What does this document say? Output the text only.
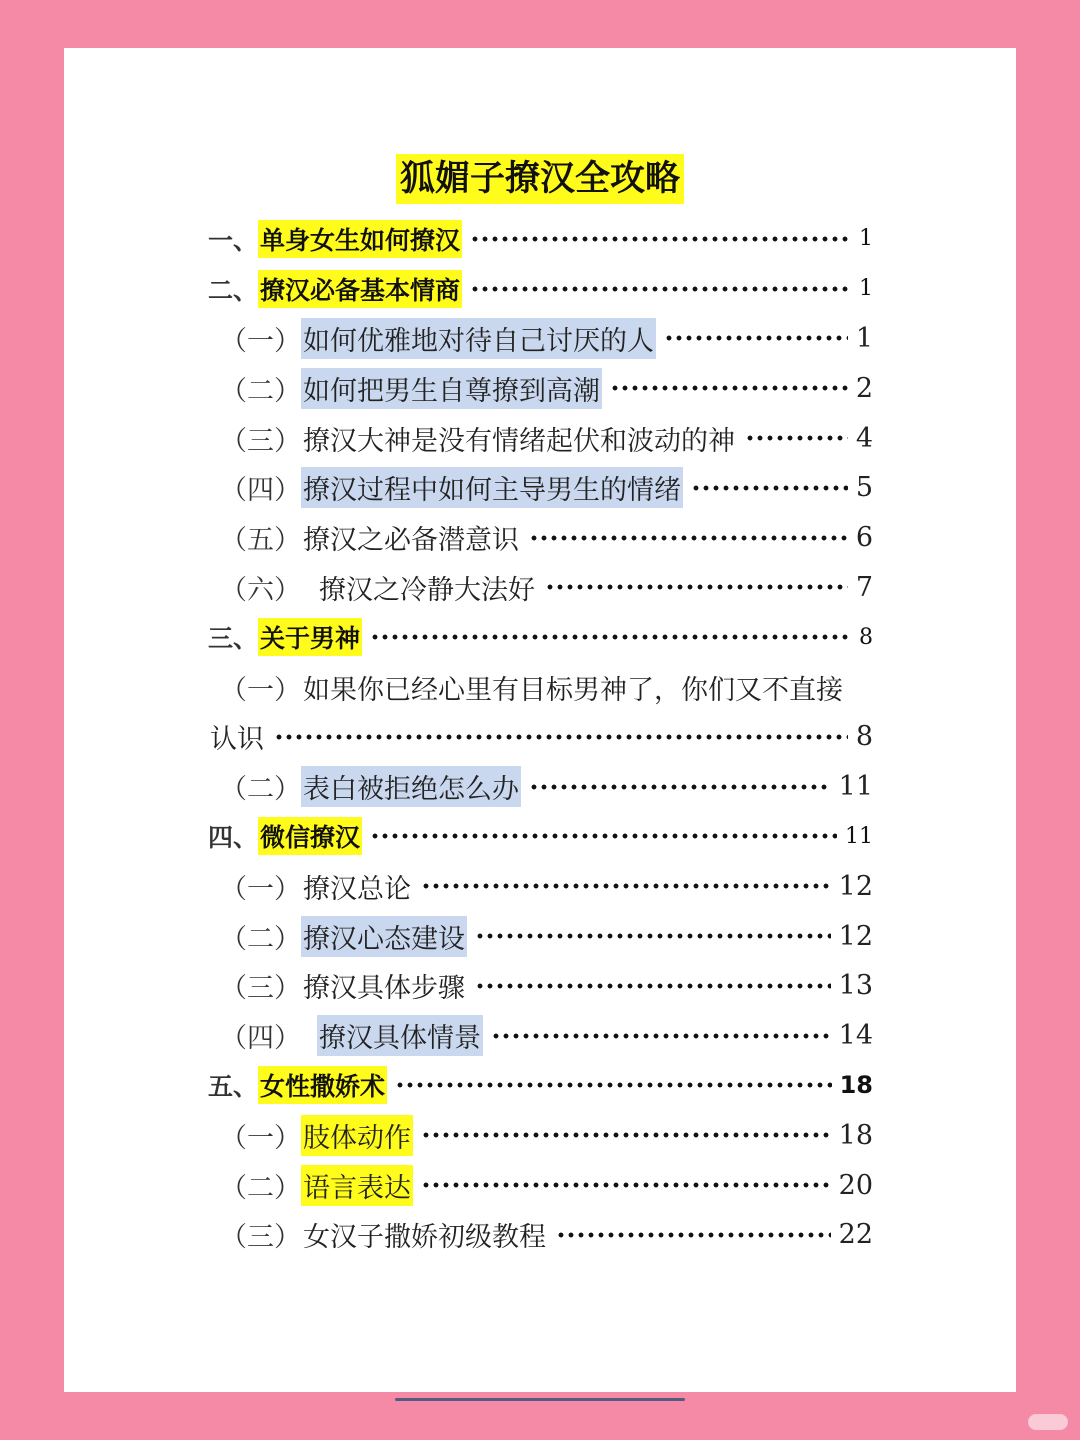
狐媚子撩汉全攻略
一、 单身女生如何撩汉	1
二、 撩汉必备基本情商	1
（一） 如何优雅地对待自己讨厌的人	1
（二） 如何把男生自尊撩到高潮	2
（三） 撩汉大神是没有情绪起伏和波动的神	4
（四） 撩汉过程中如何主导男生的情绪	5
（五） 撩汉之必备潜意识	6
（六） 撩汉之冷静大法好	7
三、 关于男神	8
（一） 如果你已经心里有目标男神了，你们又不直接
认识	8
（二） 表白被拒绝怎么办	11
四、 微信撩汉	11
（一） 撩汉总论	12
（二） 撩汉心态建设	12
（三） 撩汉具体步骤	13
（四） 撩汉具体情景	14
五、 女性撒娇术	18
（一） 肢体动作	18
（二） 语言表达	20
（三） 女汉子撒娇初级教程	22
